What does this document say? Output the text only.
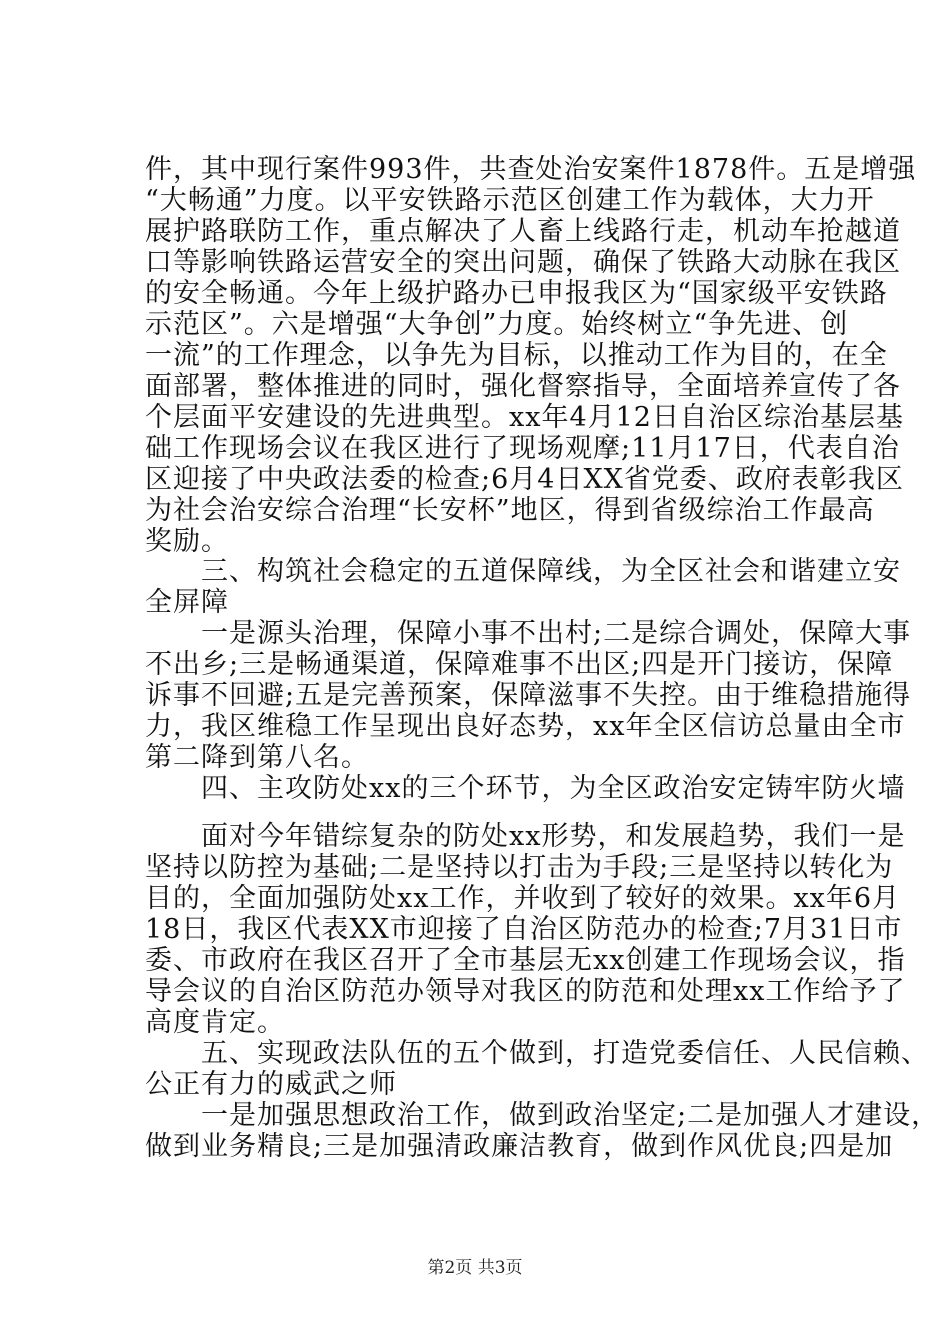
件，其中现行案件993件，共查处治安案件1878件。五是增强
“大畅通”力度。以平安铁路示范区创建工作为载体，大力开
展护路联防工作，重点解决了人畜上线路行走，机动车抢越道
口等影响铁路运营安全的突出问题，确保了铁路大动脉在我区
的安全畅通。今年上级护路办已申报我区为“国家级平安铁路
示范区”。六是增强“大争创”力度。始终树立“争先进、创
一流”的工作理念，以争先为目标，以推动工作为目的，在全
面部署，整体推进的同时，强化督察指导，全面培养宣传了各
个层面平安建设的先进典型。xx年4月12日自治区综治基层基
础工作现场会议在我区进行了现场观摩;11月17日，代表自治
区迎接了中央政法委的检查;6月4日XX省党委、政府表彰我区
为社会治安综合治理“长安杯”地区，得到省级综治工作最高
奖励。
　　三、构筑社会稳定的五道保障线，为全区社会和谐建立安
全屏障
　　一是源头治理，保障小事不出村;二是综合调处，保障大事
不出乡;三是畅通渠道，保障难事不出区;四是开门接访，保障
诉事不回避;五是完善预案，保障滋事不失控。由于维稳措施得
力，我区维稳工作呈现出良好态势，xx年全区信访总量由全市
第二降到第八名。
　　四、主攻防处xx的三个环节，为全区政治安定铸牢防火墙
　　面对今年错综复杂的防处xx形势，和发展趋势，我们一是
坚持以防控为基础;二是坚持以打击为手段;三是坚持以转化为
目的，全面加强防处xx工作，并收到了较好的效果。xx年6月
18日，我区代表XX市迎接了自治区防范办的检查;7月31日市
委、市政府在我区召开了全市基层无xx创建工作现场会议，指
导会议的自治区防范办领导对我区的防范和处理xx工作给予了
高度肯定。
　　五、实现政法队伍的五个做到，打造党委信任、人民信赖、
公正有力的威武之师
　　一是加强思想政治工作，做到政治坚定;二是加强人才建设，
做到业务精良;三是加强清政廉洁教育，做到作风优良;四是加
第2页 共3页
